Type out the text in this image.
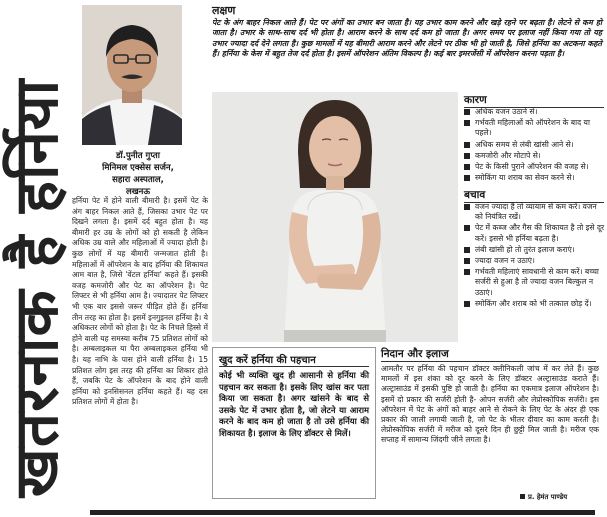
खतरनाक है हर्निया	डॉ.पुनीत गुप्ता
मिनिमल एक्सेस सर्जन,
सहारा अस्पताल,
लखनऊ
हर्निया पेट में होने वाली बीमारी है। इसमें पेट के अंग बाहर निकल आते हैं, जिसका उभार पेट पर दिखने लगता है। इसमें दर्द बहुत होता है। यह बीमारी हर उम्र के लोगों को हो सकती है लेकिन अधिक उम्र वाले और महिलाओं में ज्यादा होती है। कुछ लोगों में यह बीमारी जन्मजात होती है। महिलाओं में ऑपरेशन के बाद हर्निया की शिकायत आम बात है, जिसे 'वेंटल हर्निया' कहते हैं। इसकी वजह कमजोरी और पेट का ऑपरेशन है। पेट लिफ्टर से भी हर्निया आम है। ज्यादातर पेट लिफ्टर भी एक बार इससे जरूर पीड़ित होते हैं। हर्निया तीन तरह का होता है। इसमें इनगुइनल हर्निया है। ये अधिकतर लोगों को होता है। पेट के निचले हिस्से में होने वाली यह समस्या करीब 75 प्रतिशत लोगों को है। अम्बलाइकल या पैरा अम्बलाइकल हर्निया भी है। यह नाभि के पास होने वाली हर्निया है। 15 प्रतिशत लोग इस तरह की हर्निया का शिकार होते हैं, जबकि पेट के ऑपरेशन के बाद होने वाली हर्निया को इनसिसनल हर्निया कहते हैं। यह दस प्रतिशत लोगों में होता है।
लक्षण
पेट के अंग बाहर निकल आते हैं। पेट पर अंगों का उभार बन जाता है। यह उभार काम करने और खड़े रहने पर बढ़ता है। लेटने से कम हो जाता है। उभार के साथ-साथ दर्द भी होता है। आराम करने के साथ दर्द कम हो जाता है। अगर समय पर इलाज नहीं किया गया तो यह उभार ज्यादा दर्द देने लगता है। कुछ मामलों में यह बीमारी आराम करने और लेटने पर ठीक भी हो जाती है, जिसे हर्निया का अटकना कहते हैं। हर्निया के केस में बहुत तेज दर्द होता है। इसमें ऑपरेशन अंतिम विकल्प है। कई बार इमरजेंसी में ऑपरेशन करना पड़ता है।
कारण
अधिक वजन उठाने से।
गर्भवती महिलाओं को ऑपरेशन के बाद या पहले।
अधिक समय से लंबी खांसी आने से।
कमजोरी और मोटापे से।
पेट के किसी पुराने ऑपरेशन की वजह से।
स्मोकिंग या शराब का सेवन करने से।
बचाव
वजन ज्यादा है तो व्यायाम से कम करें। वजन को नियंत्रित रखें।
पेट में कब्ज और गैस की शिकायत है तो इसे दूर करें। इससे भी हर्निया बढ़ता है।
लंबी खांसी हो तो तुरंत इलाज कराएं।
ज्यादा वजन न उठाएं।
गर्भवती महिलाएं सावधानी से काम करें। बच्चा सर्जरी से हुआ है तो ज्यादा वजन बिल्कुल न उठाएं।
स्मोकिंग और शराब को भी तत्काल छोड़ दें।
खुद करें हर्निया की पहचान
कोई भी व्यक्ति खुद ही आसानी से हर्निया की पहचान कर सकता है। इसके लिए खांस कर पता किया जा सकता है। अगर खांसने के बाद से उसके पेट में उभार होता है, जो लेटने या आराम करने के बाद कम हो जाता है तो उसे हर्निया की शिकायत है। इलाज के लिए डॉक्टर से मिलें।
निदान और इलाज
आमतौर पर हर्निया की पहचान डॉक्टर क्लीनिकली जांच में कर लेते हैं। कुछ मामलों में इस शंका को दूर करने के लिए डॉक्टर अल्ट्रासाउंड कराते हैं। अल्ट्रासाउंड में इसकी पुष्टि हो जाती है। हर्निया का एकमात्र इलाज ऑपरेशन है। इसमें दो प्रकार की सर्जरी होती है- ओपन सर्जरी और लेप्रोस्कोपिक सर्जरी। इस ऑपरेशन में पेट के अंगों को बाहर आने से रोकने के लिए पेट के अंदर ही एक प्रकार की जाली लगायी जाती है, जो पेट के भीतर दीवार का काम करती है। लेप्रोस्कोपिक सर्जरी में मरीज को दूसरे दिन ही छुट्टी मिल जाती है। मरीज एक सप्ताह में सामान्य जिंदगी जीने लगता है।
प्र. हेमंत पाण्डेय
